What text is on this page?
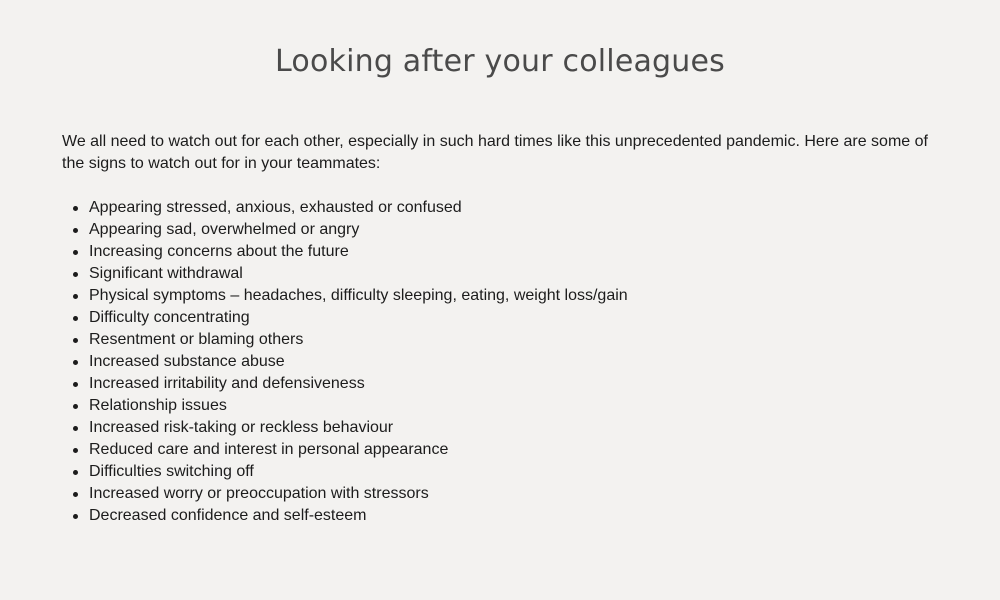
Looking after your colleagues

We all need to watch out for each other, especially in such hard times like this unprecedented pandemic. Here are some of the signs to watch out for in your teammates:

Appearing stressed, anxious, exhausted or confused
Appearing sad, overwhelmed or angry
Increasing concerns about the future
Significant withdrawal
Physical symptoms – headaches, difficulty sleeping, eating, weight loss/gain
Difficulty concentrating
Resentment or blaming others
Increased substance abuse
Increased irritability and defensiveness
Relationship issues
Increased risk-taking or reckless behaviour
Reduced care and interest in personal appearance
Difficulties switching off
Increased worry or preoccupation with stressors
Decreased confidence and self-esteem
